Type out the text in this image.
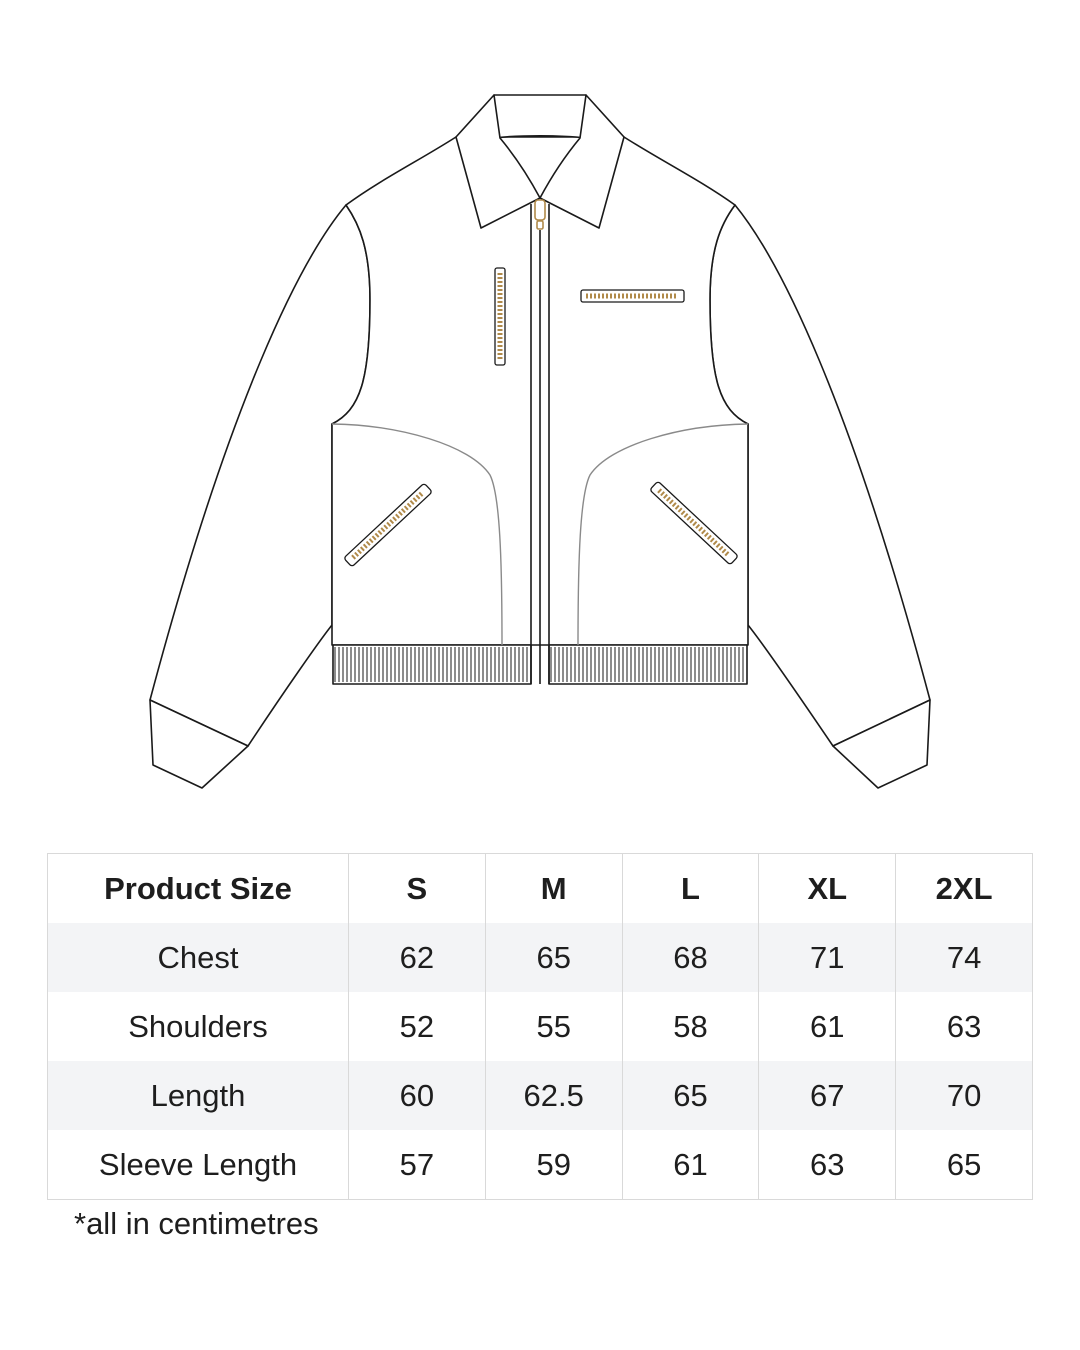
Product Size	S	M	L	XL	2XL
Chest	62	65	68	71	74
Shoulders	52	55	58	61	63
Length	60	62.5	65	67	70
Sleeve Length	57	59	61	63	65
*all in centimetres
